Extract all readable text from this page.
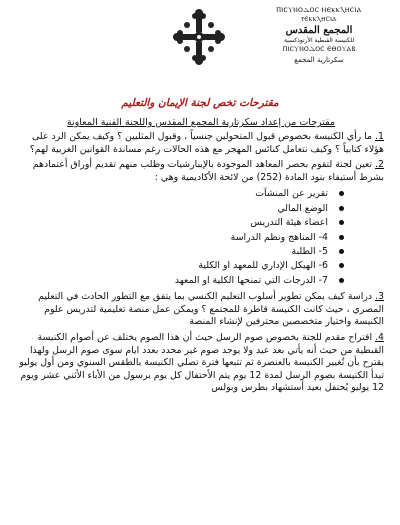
ⲠⲒⲤⲨⲚⲞⲆⲞⲤ ⲚⲈⲔⲔⲖⲎⲤⲒⲀ
ϮⲈⲔⲔⲖⲎⲤⲒⲀ
المجمع المقدس
للكنيسة القبطية الأرثوذكسية
ⲠⲒⲤⲨⲚⲞⲆⲞⲤ ⲈⲐⲞⲨⲀⲂ
سكرتارية المجمع
مقترحات تخص لجنة الإيمان والتعليم
مقترحات من إعداد سكرتارية المجمع المقدس واللجنة الفنية المعاونة

1. ما رأي الكنيسة بخصوص قبول المتحولين جنسياً ، وقبول المثليين ؟ وكيف يمكن الرد على هؤلاء كتابياً ؟ وكيف نتعامل كنائس المهجر مع هذه الحالات رغم مساندة القوانين الغربية لهم؟

2. تعين لجنة لتقوم بحصر المعاهد الموجودة بالإيبارشيات وطلب منهم تقديم أوراق أعتمادهم بشرط أستيفاء بنود المادة (252) من لائحة الأكاديمية وهي :

تقرير عن المنشآت
الوضع المالي
اعضاء هيئة التدريس
4- المناهج ونظم الدراسة
5- الطلبة
6- الهيكل الإداري للمعهد او الكلية
7- الدرجات التي تمنحها الكلية او المعهد

3. دراسة كيف يمكن تطوير أسلوب التعليم الكنسي بما يتفق مع التطور الحادث في التعليم المصري ، حيث كانت الكنيسة قاطرة للمجتمع ؟ ويمكن عمل منصة تعليمية لتدريس علوم الكنيسة واختيار متخصصين محترفين لإنشاء المنصة

4. اقتراح مقدم للجنة بخصوص صوم الرسل حيث أن هذا الصوم يختلف عن أصوام الكنيسة القبطية من حيث أنه يأتي بعد عيد ولا يوجد صوم غير محدد بعدد ايام سوى صوم الرسل ولهذا يقترح بأن تُغيير الكنيسة بالعنصرة ثم تتبعها فترة تصلي الكنيسة بالطقس السنوي ومن أول يوليو تبدأ الكنيسة بصوم الرسل لمدة 12 يوم يتم الأحتفال كل يوم برسول من الأباء الأثني عشر ويوم 12 يوليو يُحتفل بعيد أستشهاد بطرس وبولس
